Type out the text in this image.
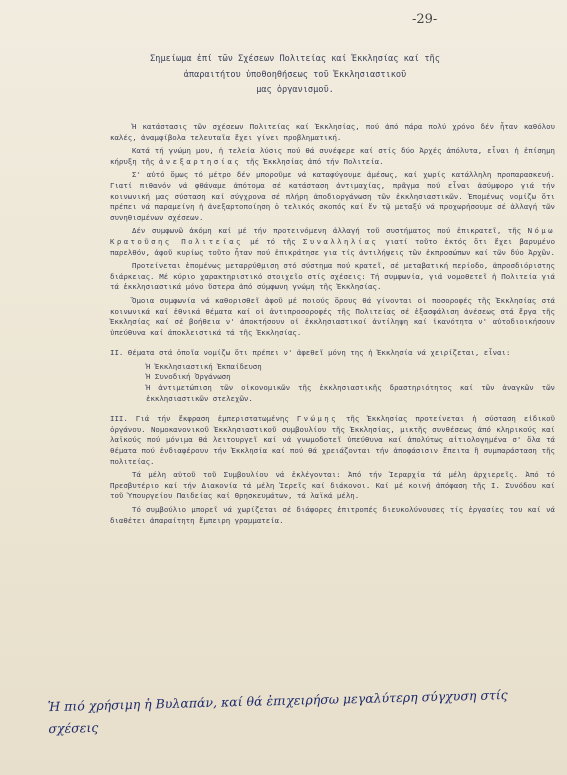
-29-
Σημείωμα ἐπί τῶν Σχέσεων Πολιτείας καί Ἐκκλησίας καί τῆς
ἀπαραιτήτου ὑποθοηθήσεως τοῦ Ἐκκλησιαστικοῦ
μας ὀργανισμοῦ.

Ἡ κατάστασις τῶν σχέσεων Πολιτείας καί Ἐκκλησίας, πού ἀπό πάρα πολύ χρόνο δέν ἦταν καθόλου καλές, ἀναμφίβολα τελευταῖα ἔχει γίνει προβληματική.

Κατά τή γνώμη μου, ἡ τελεία λύσις πού θά συνέφερε καί στίς δύο Ἀρχές ἀπόλυτα, εἶναι ἡ ἐπίσημη κήρυξη τῆς ἀνεξαρτησίας τῆς Ἐκκλησίας ἀπό τήν Πολιτεία.

Σ' αὐτό ὅμως τό μέτρο δέν μποροῦμε νά καταφύγουμε ἀμέσως, καί χωρίς κατάλληλη προπαρασκευή. Γιατί πιθανόν νά φθάναμε ἀπότομα σέ κατάσταση ἀντιμαχίας, πρᾶγμα πού εἶναι ἀσύμφορο γιά τήν κοινωνική μας σύσταση καί σύγχρονα σέ πλήρη ἀποδιοργάνωση τῶν ἐκκλησιαστικῶν. Ἑπομένως νομίζω ὅτι πρέπει νά παραμείνη ἡ ἀνεξαρτοποίηση ὁ τελικός σκοπός καί ἔν τῷ μεταξύ νά προχωρήσουμε σέ ἀλλαγή τῶν συνηθισμένων σχέσεων.

Δέν συμφωνῶ ἀκόμη καί μέ τήν προτεινόμενη ἀλλαγή τοῦ συστήματος πού ἐπικρατεῖ, τῆς Νόμω Κρατοῦσης Πολιτείας μέ τό τῆς Συναλληλίας γιατί τοῦτο ἐκτός ὅτι ἔχει βαρυμένο παρελθόν, ἀφοῦ κυρίως τοῦτο ἦταν πού ἐπικράτησε για τίς ἀντιλήψεις τῶν ἐκπροσώπων καί τῶν δύο Ἀρχῶν.

Προτείνεται ἑπομένως μεταρρύθμιση στό σύστημα πού κρατεῖ, σέ μεταβατική περίοδο, ἀπροσδιόριστης διάρκειας. Μέ κύριο χαρακτηριστικό στοιχεῖο στίς σχέσεις: Τή συμφωνία, γιά νομοθετεῖ ἡ Πολιτεία γιά τά ἐκκλησιαστικά μόνο ὕστερα ἀπό σύμφωνη γνώμη τῆς Ἐκκλησίας.

Ὅμοια συμφωνία νά καθορισθεῖ ἀφοῦ μέ ποιούς ὅρους θά γίνονται οἱ ποσοροφές τῆς Ἐκκλησίας στά κοινωνικά καί ἐθνικά θέματα καί οἱ ἀντιπροσοροφές τῆς Πολιτείας σέ ἐξασφάλιση ἀνέσεως στά ἔργα τῆς Ἐκκλησίας καί σέ βοήθεια ν' ἀποκτήσουν οἱ ἐκκλησιαστικοί ἀντίληψη καί ἱκανότητα ν' αὐτοδιοικήσουν ὑπεύθυνα καί ἀποκλειστικά τά τῆς Ἐκκλησίας.

II. Θέματα στά ὁποῖα νομίζω ὅτι πρέπει ν' ἀφεθεῖ μόνη της ἡ Ἐκκλησία νά χειρίζεται, εἶναι:

Ἡ Ἐκκλησιαστική Ἐκπαίδευση
Ἡ Συνοδική Ὀργάνωση
Ἡ ἀντιμετώπιση τῶν οἰκονομικῶν τῆς ἐκκλησιαστικῆς δραστηριότητος καί τῶν ἀναγκῶν τῶν ἐκκλησιαστικῶν στελεχῶν.

III. Γιά τήν ἔκφραση ἐμπεριστατωμένης Γνώμης τῆς Ἐκκλησίας προτείνεται ἡ σύσταση εἰδικοῦ ὀργάνου. Νομοκανονικοῦ Ἐκκλησιαστικοῦ συμβουλίου τῆς Ἐκκλησίας, μικτῆς συνθέσεως ἀπό κληρικούς καί λαϊκούς πού μόνιμα θά λειτουργεῖ καί νά γνωμοδοτεῖ ὑπεύθυνα καί ἀπολύτως αἰτιολογημένα σ' ὅλα τά θέματα πού ἐνδιαφέρουν τήν Ἐκκλησία καί πού θά χρειάζονται τήν ἀποφάσισιν ἔπειτα ἢ συμπαράσταση τῆς πολιτείας.

Τά μέλη αὐτοῦ τοῦ Συμβουλίου νά ἐκλέγονται: Ἀπό τήν Ἱεραρχία τά μέλη ἀρχιερεῖς. Ἀπό τό Πρεσβυτέριο καί τήν Διακονία τά μέλη Ἱερεῖς καί διάκονοι. Καί μέ κοινή ἀπόφαση τῆς Ι. Συνόδου καί τοῦ Ὑπουργείου Παιδείας καί Θρησκευμάτων, τά λαϊκά μέλη.

Τό συμβούλιο μπορεῖ νά χωρίζεται σέ διάφορες ἐπιτροπές διευκολύνουσες τίς ἐργασίες του καί νά διαθέτει ἀπαραίτητη ἔμπειρη γραμματεία.

Ἡ πιό χρήσιμη ἡ Βυλαπάν, καί θά ἐπιχειρήσω μεγαλύτερη σύγχυση στίς σχέσεις
